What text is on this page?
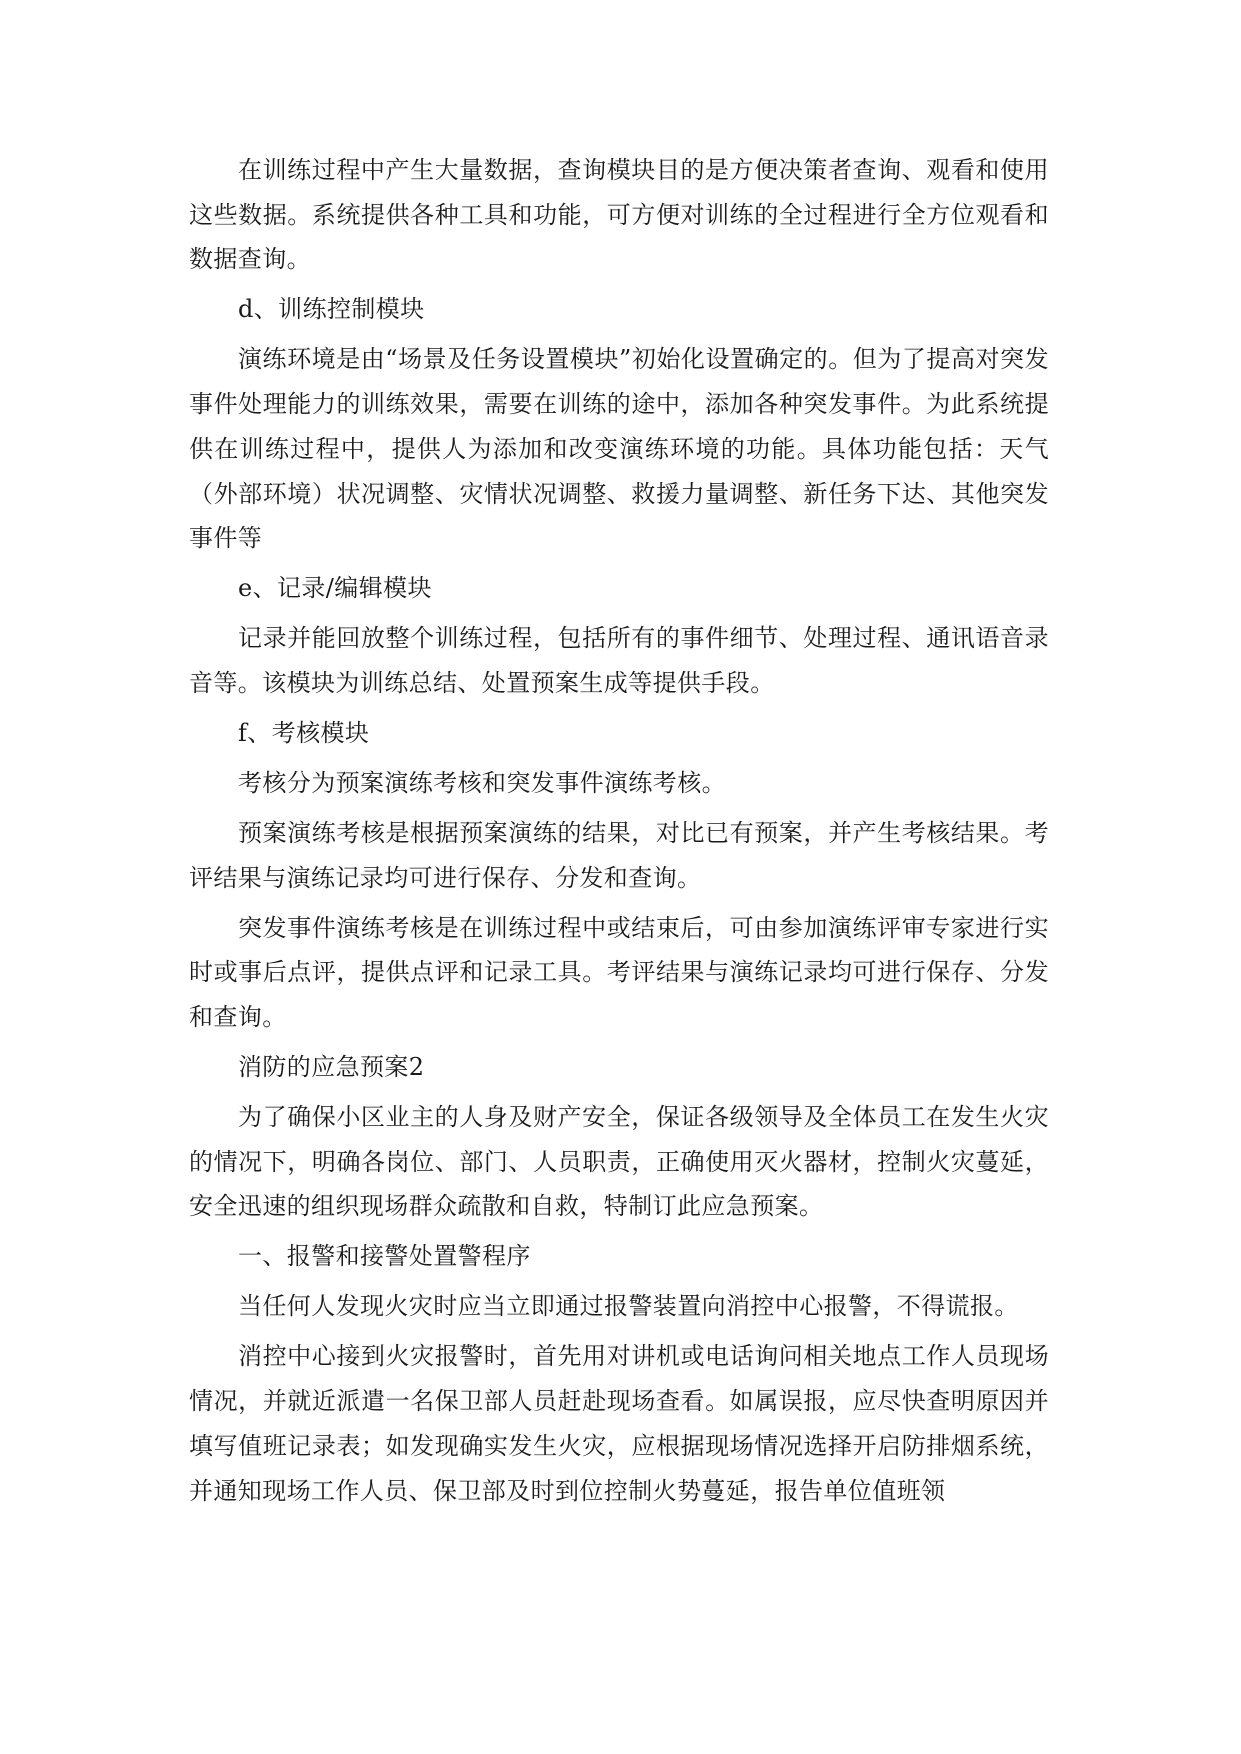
在训练过程中产生大量数据，查询模块目的是方便决策者查询、观看和使用这些数据。系统提供各种工具和功能，可方便对训练的全过程进行全方位观看和数据查询。

d、训练控制模块

演练环境是由“场景及任务设置模块”初始化设置确定的。但为了提高对突发事件处理能力的训练效果，需要在训练的途中，添加各种突发事件。为此系统提供在训练过程中，提供人为添加和改变演练环境的功能。具体功能包括：天气（外部环境）状况调整、灾情状况调整、救援力量调整、新任务下达、其他突发事件等

e、记录/编辑模块

记录并能回放整个训练过程，包括所有的事件细节、处理过程、通讯语音录音等。该模块为训练总结、处置预案生成等提供手段。

f、考核模块

考核分为预案演练考核和突发事件演练考核。

预案演练考核是根据预案演练的结果，对比已有预案，并产生考核结果。考评结果与演练记录均可进行保存、分发和查询。

突发事件演练考核是在训练过程中或结束后，可由参加演练评审专家进行实时或事后点评，提供点评和记录工具。考评结果与演练记录均可进行保存、分发和查询。

消防的应急预案2

为了确保小区业主的人身及财产安全，保证各级领导及全体员工在发生火灾的情况下，明确各岗位、部门、人员职责，正确使用灭火器材，控制火灾蔓延，安全迅速的组织现场群众疏散和自救，特制订此应急预案。

一、报警和接警处置警程序

当任何人发现火灾时应当立即通过报警装置向消控中心报警，不得谎报。

消控中心接到火灾报警时，首先用对讲机或电话询问相关地点工作人员现场情况，并就近派遣一名保卫部人员赶赴现场查看。如属误报，应尽快查明原因并填写值班记录表；如发现确实发生火灾，应根据现场情况选择开启防排烟系统，并通知现场工作人员、保卫部及时到位控制火势蔓延，报告单位值班领
